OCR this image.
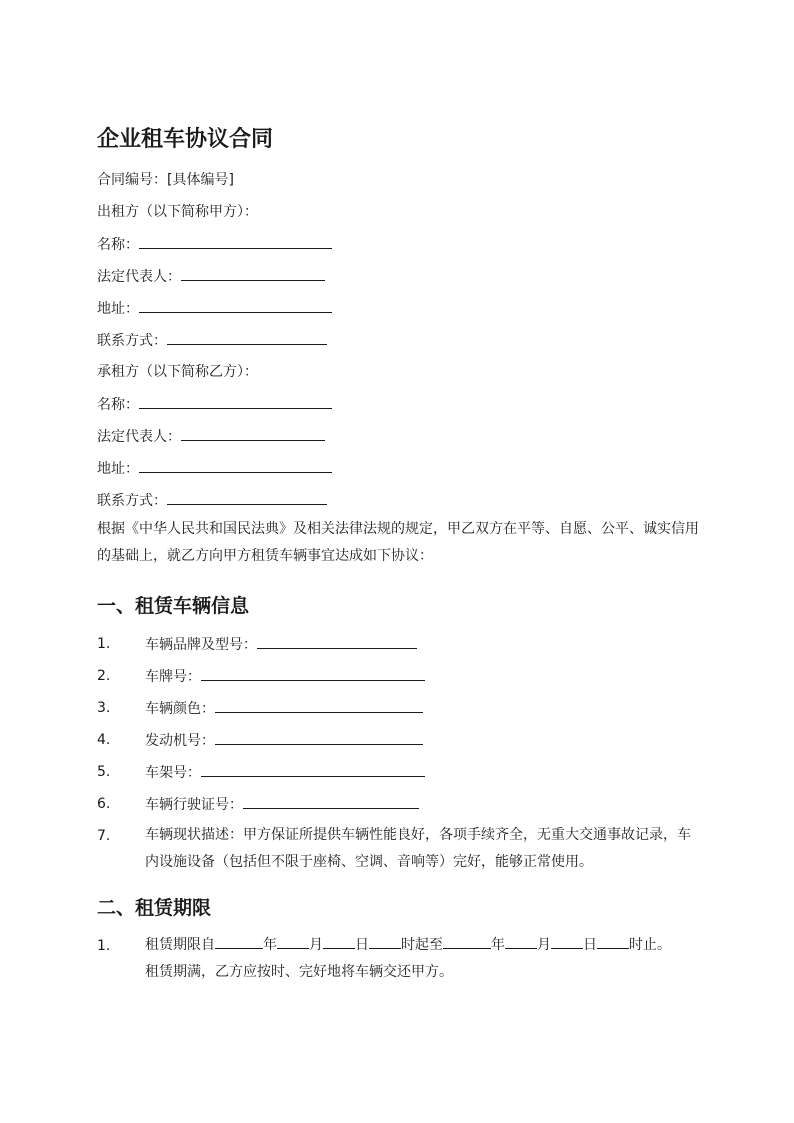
企业租车协议合同
合同编号：[具体编号]
出租方（以下简称甲方）：
名称：
法定代表人：
地址：
联系方式：
承租方（以下简称乙方）：
名称：
法定代表人：
地址：
联系方式：
根据《中华人民共和国民法典》及相关法律法规的规定，甲乙双方在平等、自愿、公平、诚实信用的基础上，就乙方向甲方租赁车辆事宜达成如下协议：
一、租赁车辆信息
1. 车辆品牌及型号：
2. 车牌号：
3. 车辆颜色：
4. 发动机号：
5. 车架号：
6. 车辆行驶证号：
7. 车辆现状描述：甲方保证所提供车辆性能良好，各项手续齐全，无重大交通事故记录，车内设施设备（包括但不限于座椅、空调、音响等）完好，能够正常使用。
二、租赁期限
1. 租赁期限自	年 月 日 时起至	年 月 日 时止。
租赁期满，乙方应按时、完好地将车辆交还甲方。
